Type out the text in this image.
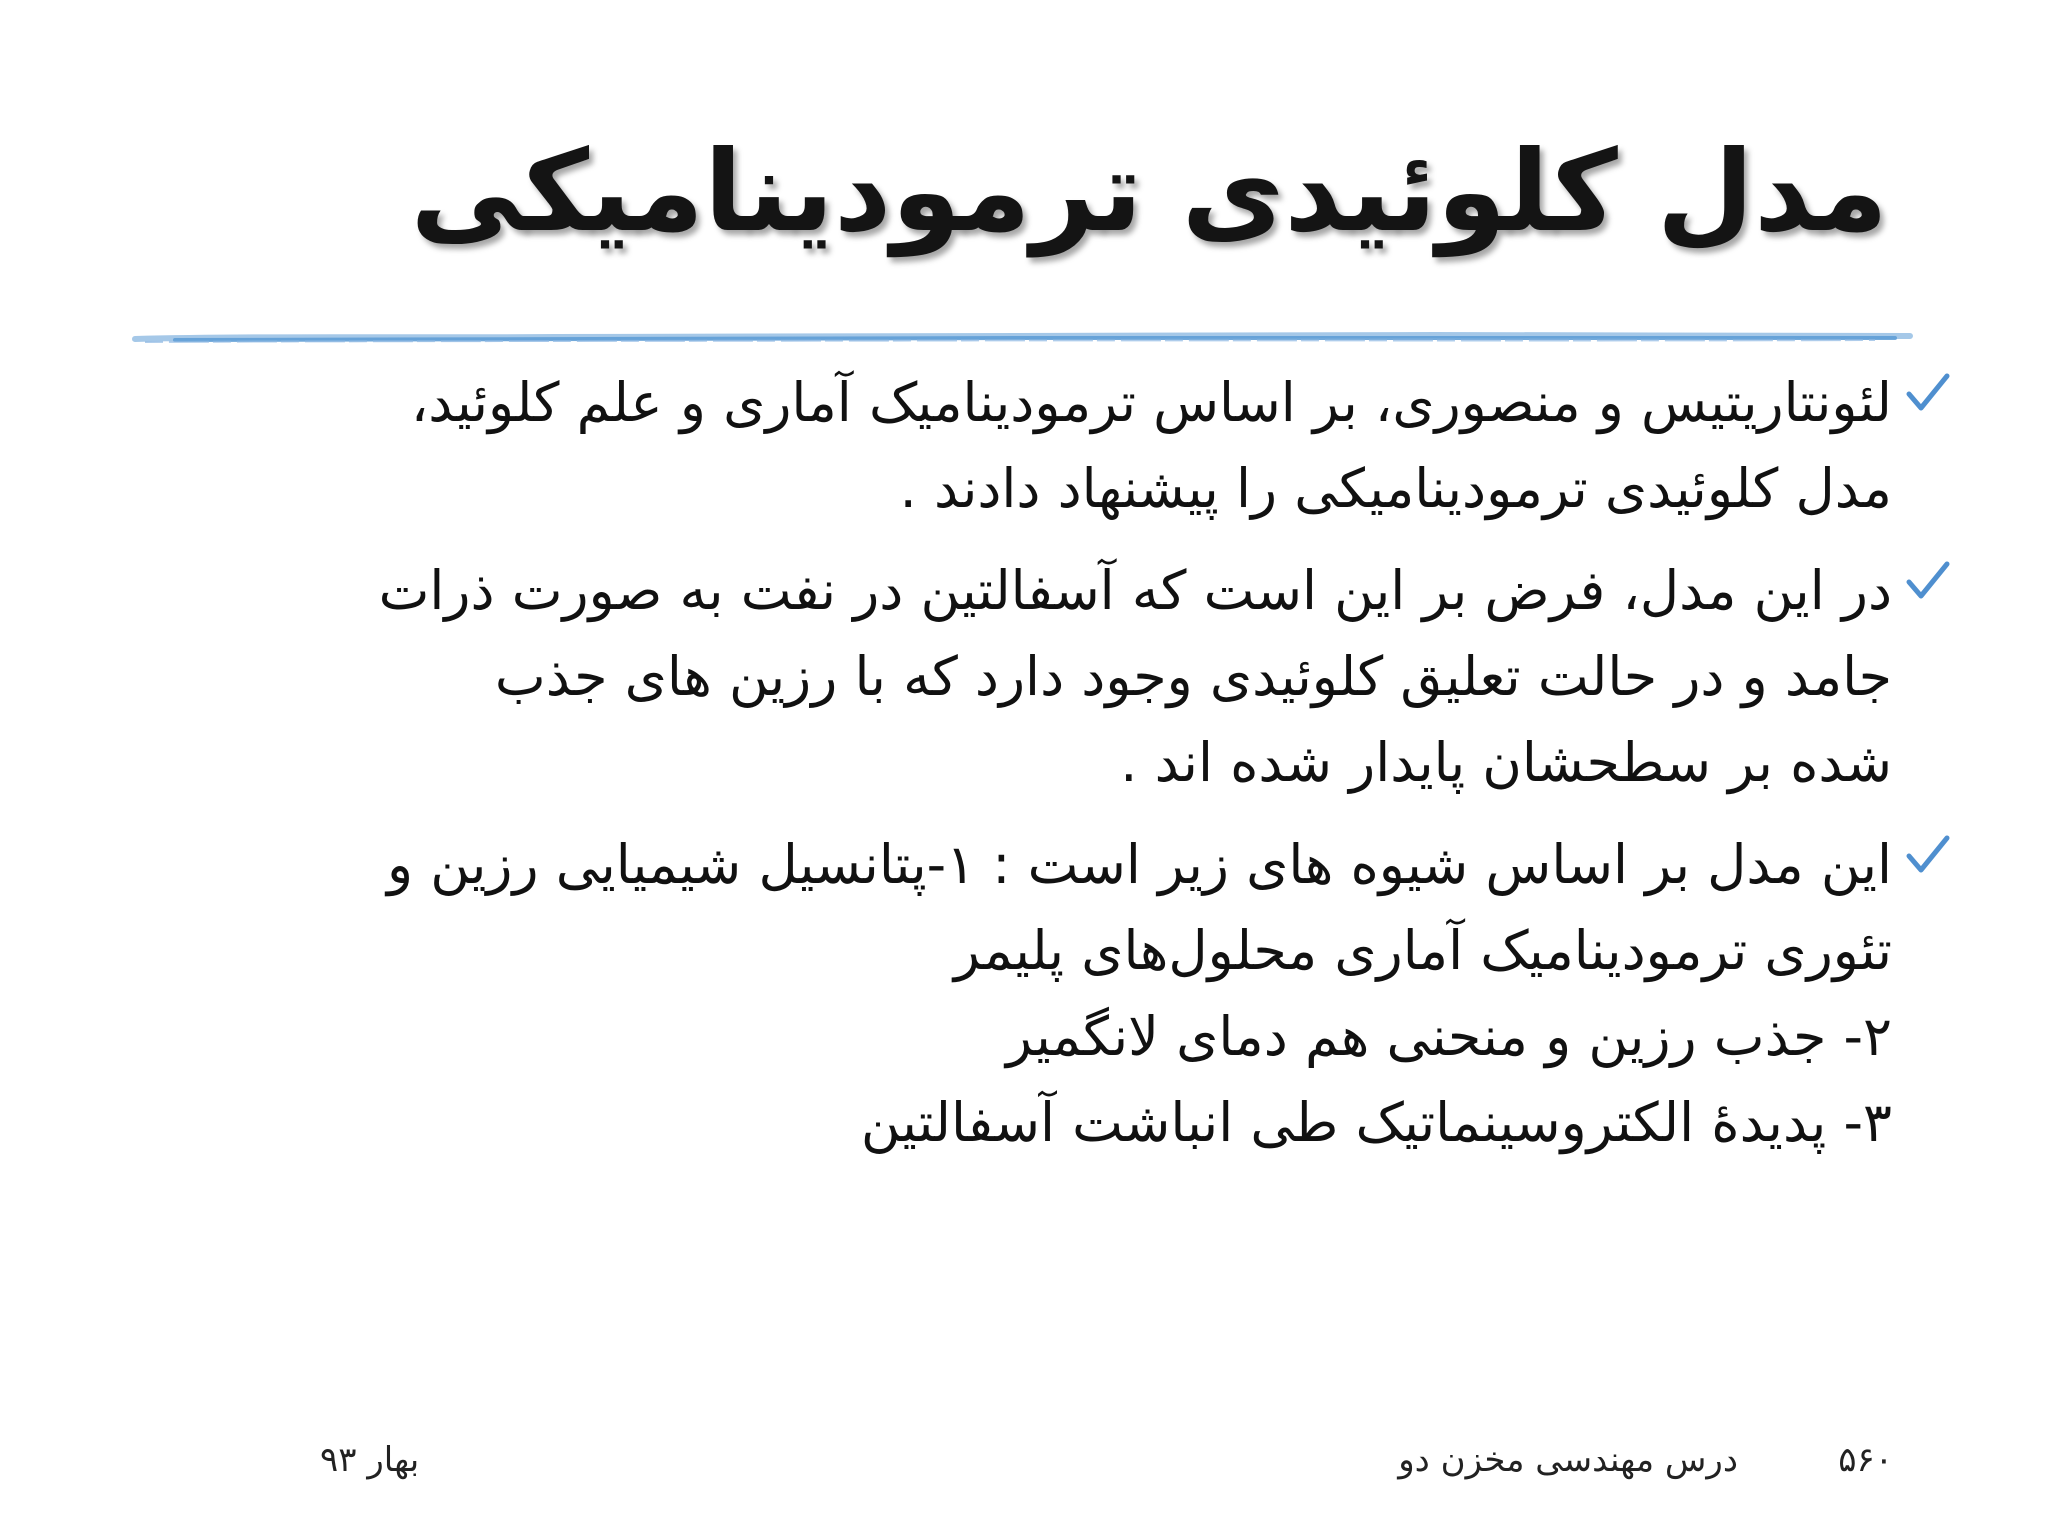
مدل کلوئیدی ترمودینامیکی
لئونتاریتیس و منصوری، بر اساس ترمودینامیک آماری و علم کلوئید،
مدل کلوئیدی ترمودینامیکی را پیشنهاد دادند .
در این مدل، فرض بر این است که آسفالتین در نفت به صورت ذرات
جامد و در حالت تعلیق کلوئیدی وجود دارد که با رزین های جذب
شده بر سطحشان پایدار شده اند .
این مدل بر اساس شیوه های زیر است : ۱-پتانسیل شیمیایی رزین و
تئوری ترمودینامیک آماری محلول‌های پلیمر
۲- جذب رزین و منحنی هم دمای لانگمیر
۳- پدیدهٔ الکتروسینماتیک طی انباشت آسفالتین
۵۶۰
درس مهندسی مخزن دو
بهار ۹۳
